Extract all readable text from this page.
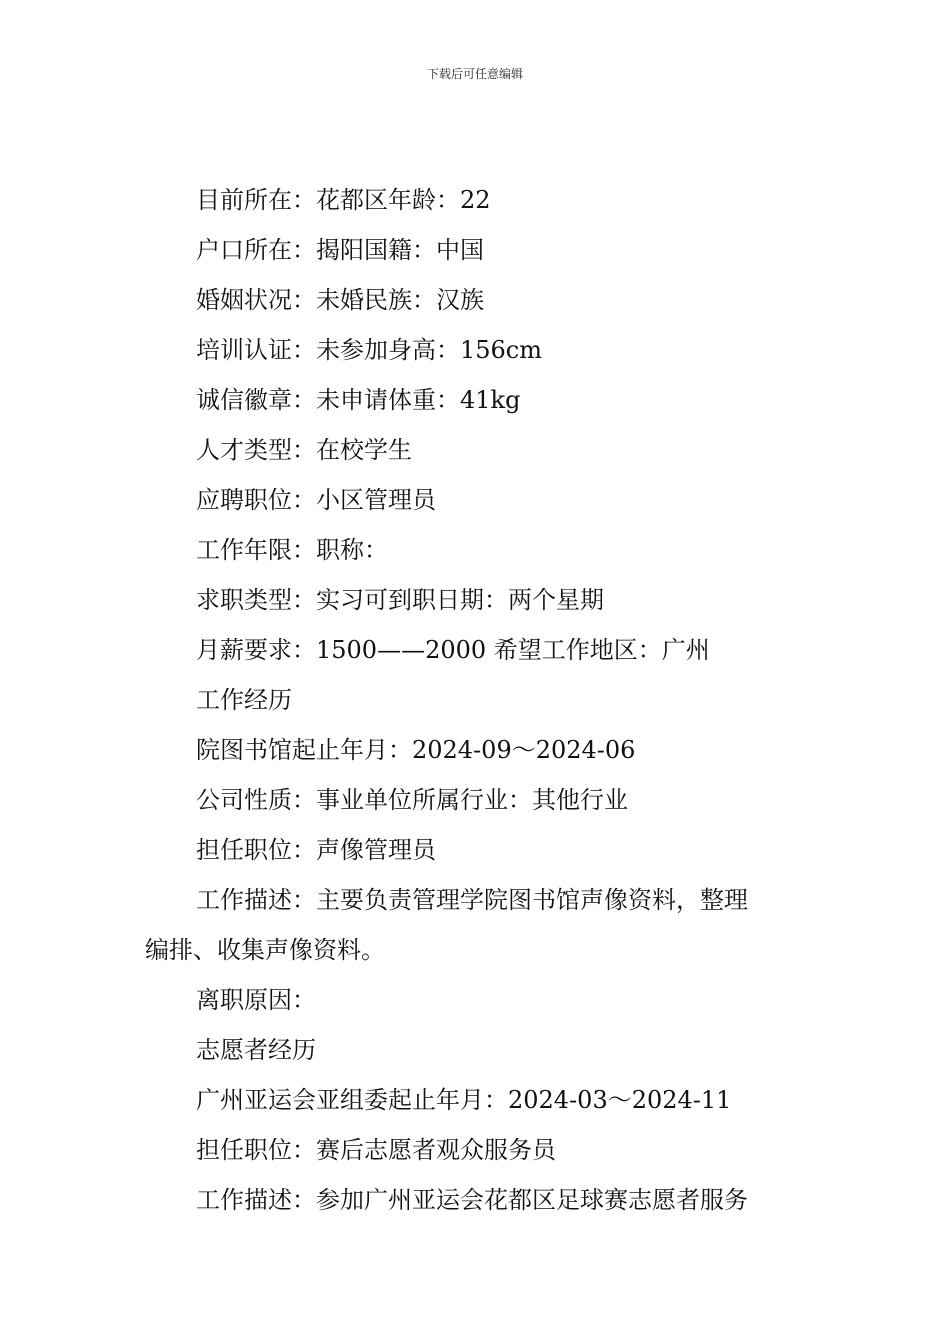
下载后可任意编辑
目前所在：花都区年龄：22
户口所在：揭阳国籍：中国
婚姻状况：未婚民族：汉族
培训认证：未参加身高：156cm
诚信徽章：未申请体重：41kg
人才类型：在校学生
应聘职位：小区管理员
工作年限：职称：
求职类型：实习可到职日期：两个星期
月薪要求：1500——2000 希望工作地区：广州
工作经历
院图书馆起止年月：2024-09～2024-06
公司性质：事业单位所属行业：其他行业
担任职位：声像管理员
工作描述：主要负责管理学院图书馆声像资料，整理
编排、收集声像资料。
离职原因：
志愿者经历
广州亚运会亚组委起止年月：2024-03～2024-11
担任职位：赛后志愿者观众服务员
工作描述：参加广州亚运会花都区足球赛志愿者服务
